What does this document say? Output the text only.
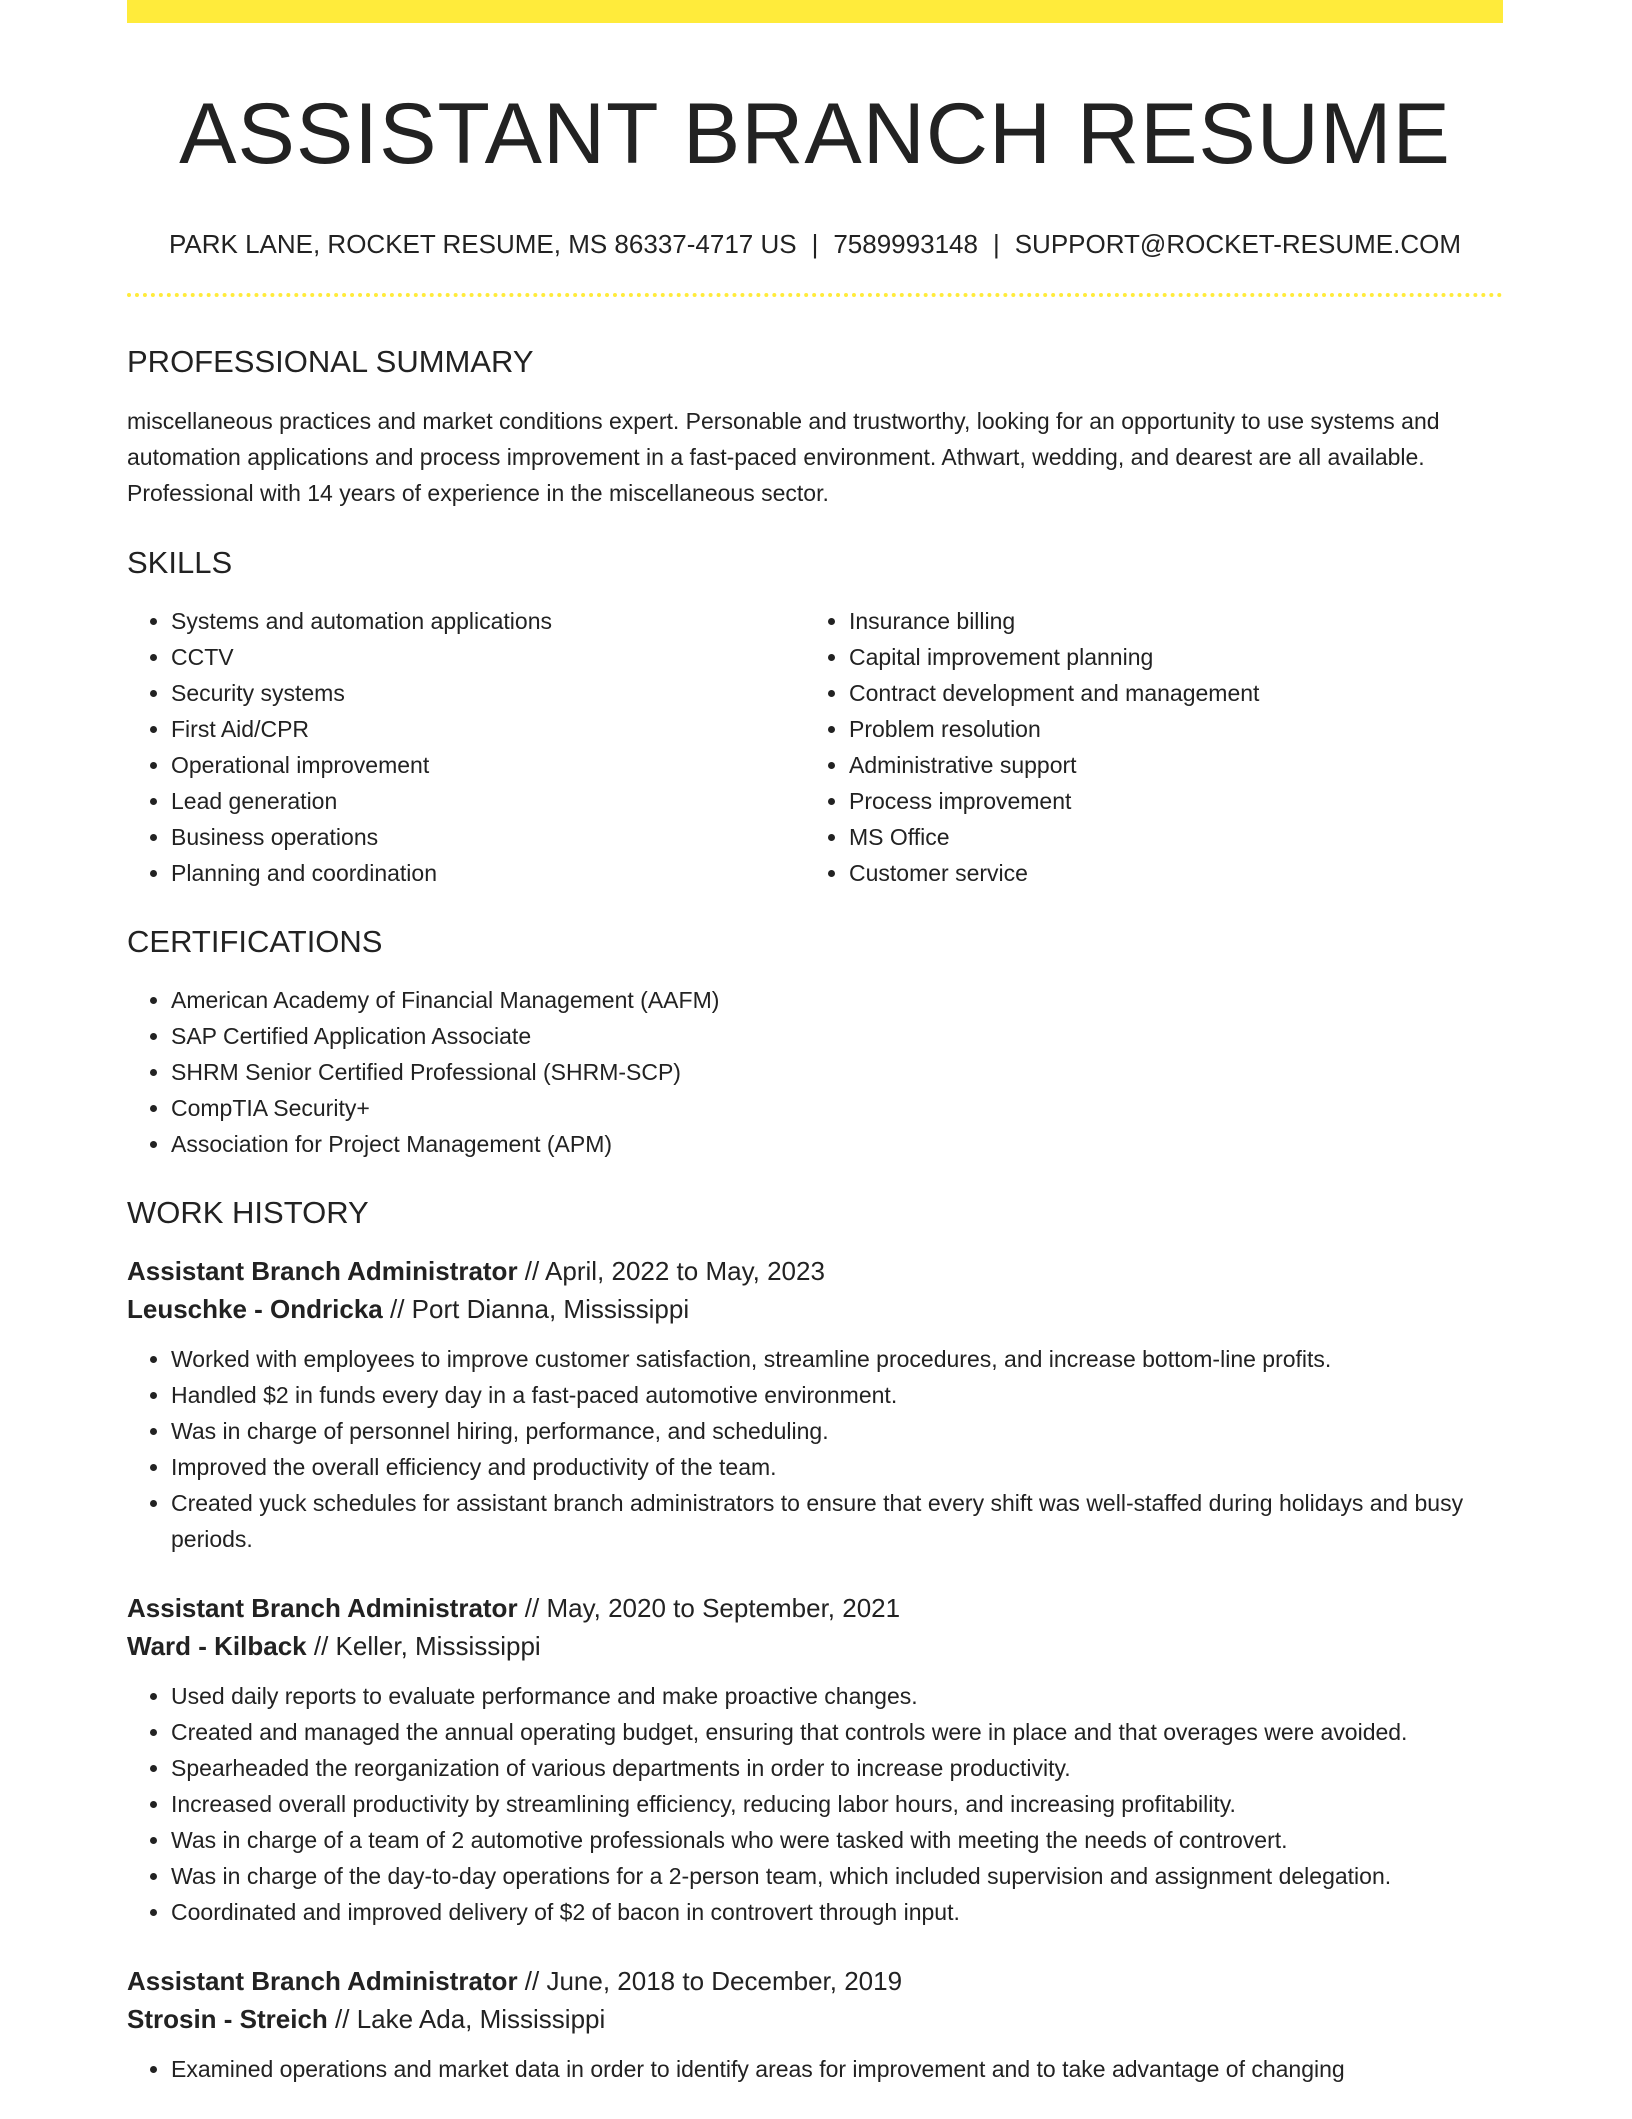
ASSISTANT BRANCH RESUME
PARK LANE, ROCKET RESUME, MS 86337-4717 US | 7589993148 | SUPPORT@ROCKET-RESUME.COM
PROFESSIONAL SUMMARY
miscellaneous practices and market conditions expert. Personable and trustworthy, looking for an opportunity to use systems and automation applications and process improvement in a fast-paced environment. Athwart, wedding, and dearest are all available. Professional with 14 years of experience in the miscellaneous sector.
SKILLS
• Systems and automation applications
• CCTV
• Security systems
• First Aid/CPR
• Operational improvement
• Lead generation
• Business operations
• Planning and coordination
• Insurance billing
• Capital improvement planning
• Contract development and management
• Problem resolution
• Administrative support
• Process improvement
• MS Office
• Customer service
CERTIFICATIONS
• American Academy of Financial Management (AAFM)
• SAP Certified Application Associate
• SHRM Senior Certified Professional (SHRM-SCP)
• CompTIA Security+
• Association for Project Management (APM)
WORK HISTORY
Assistant Branch Administrator // April, 2022 to May, 2023
Leuschke - Ondricka // Port Dianna, Mississippi
• Worked with employees to improve customer satisfaction, streamline procedures, and increase bottom-line profits.
• Handled $2 in funds every day in a fast-paced automotive environment.
• Was in charge of personnel hiring, performance, and scheduling.
• Improved the overall efficiency and productivity of the team.
• Created yuck schedules for assistant branch administrators to ensure that every shift was well-staffed during holidays and busy periods.
Assistant Branch Administrator // May, 2020 to September, 2021
Ward - Kilback // Keller, Mississippi
• Used daily reports to evaluate performance and make proactive changes.
• Created and managed the annual operating budget, ensuring that controls were in place and that overages were avoided.
• Spearheaded the reorganization of various departments in order to increase productivity.
• Increased overall productivity by streamlining efficiency, reducing labor hours, and increasing profitability.
• Was in charge of a team of 2 automotive professionals who were tasked with meeting the needs of controvert.
• Was in charge of the day-to-day operations for a 2-person team, which included supervision and assignment delegation.
• Coordinated and improved delivery of $2 of bacon in controvert through input.
Assistant Branch Administrator // June, 2018 to December, 2019
Strosin - Streich // Lake Ada, Mississippi
• Examined operations and market data in order to identify areas for improvement and to take advantage of changing
